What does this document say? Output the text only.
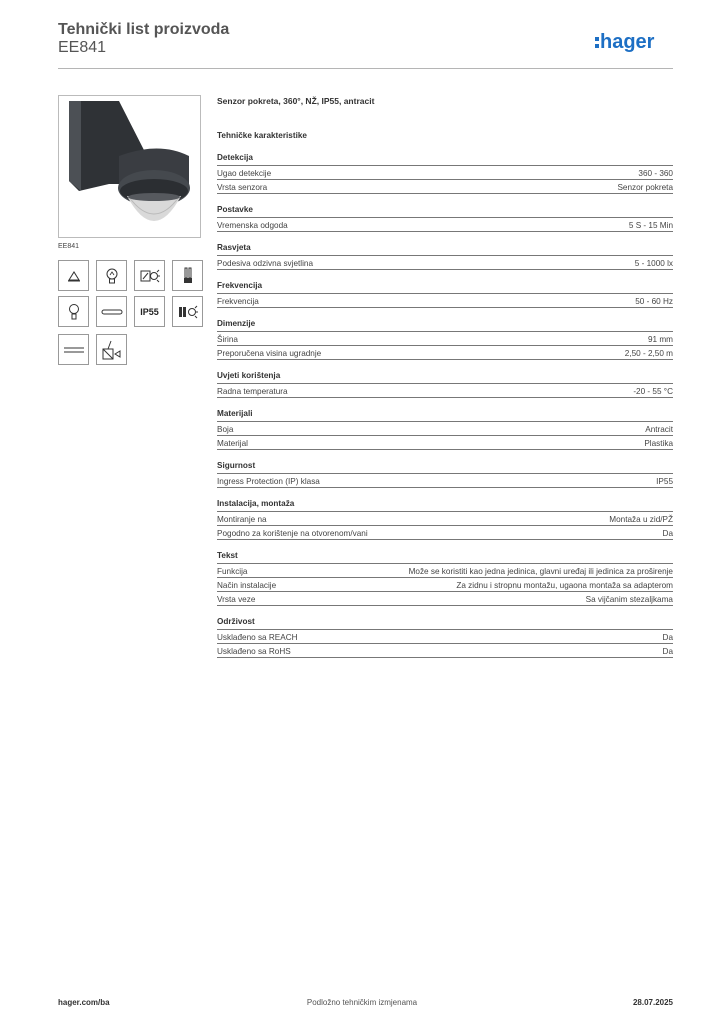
Tehnički list proizvoda
EE841	hager
EE841
IP55
Senzor pokreta, 360°, NŽ, IP55, antracit
Tehničke karakteristike
Detekcija
Ugao detekcije	360 - 360
Vrsta senzora	Senzor pokreta
Postavke
Vremenska odgoda	5 S - 15 Min
Rasvjeta
Podesiva odzivna svjetlina	5 - 1000 lx
Frekvencija
Frekvencija	50 - 60 Hz
Dimenzije
Širina	91 mm
Preporučena visina ugradnje	2,50 - 2,50 m
Uvjeti korištenja
Radna temperatura	-20 - 55 °C
Materijali
Boja	Antracit
Materijal	Plastika
Sigurnost
Ingress Protection (IP) klasa	IP55
Instalacija, montaža
Montiranje na	Montaža u zid/PŽ
Pogodno za korištenje na otvorenom/vani	Da
Tekst
Funkcija	Može se koristiti kao jedna jedinica, glavni uređaj ili jedinica za proširenje
Način instalacije	Za zidnu i stropnu montažu, ugaona montaža sa adapterom
Vrsta veze	Sa vijčanim stezaljkama
Održivost
Usklađeno sa REACH	Da
Usklađeno sa RoHS	Da
hager.com/ba	Podložno tehničkim izmjenama	28.07.2025
